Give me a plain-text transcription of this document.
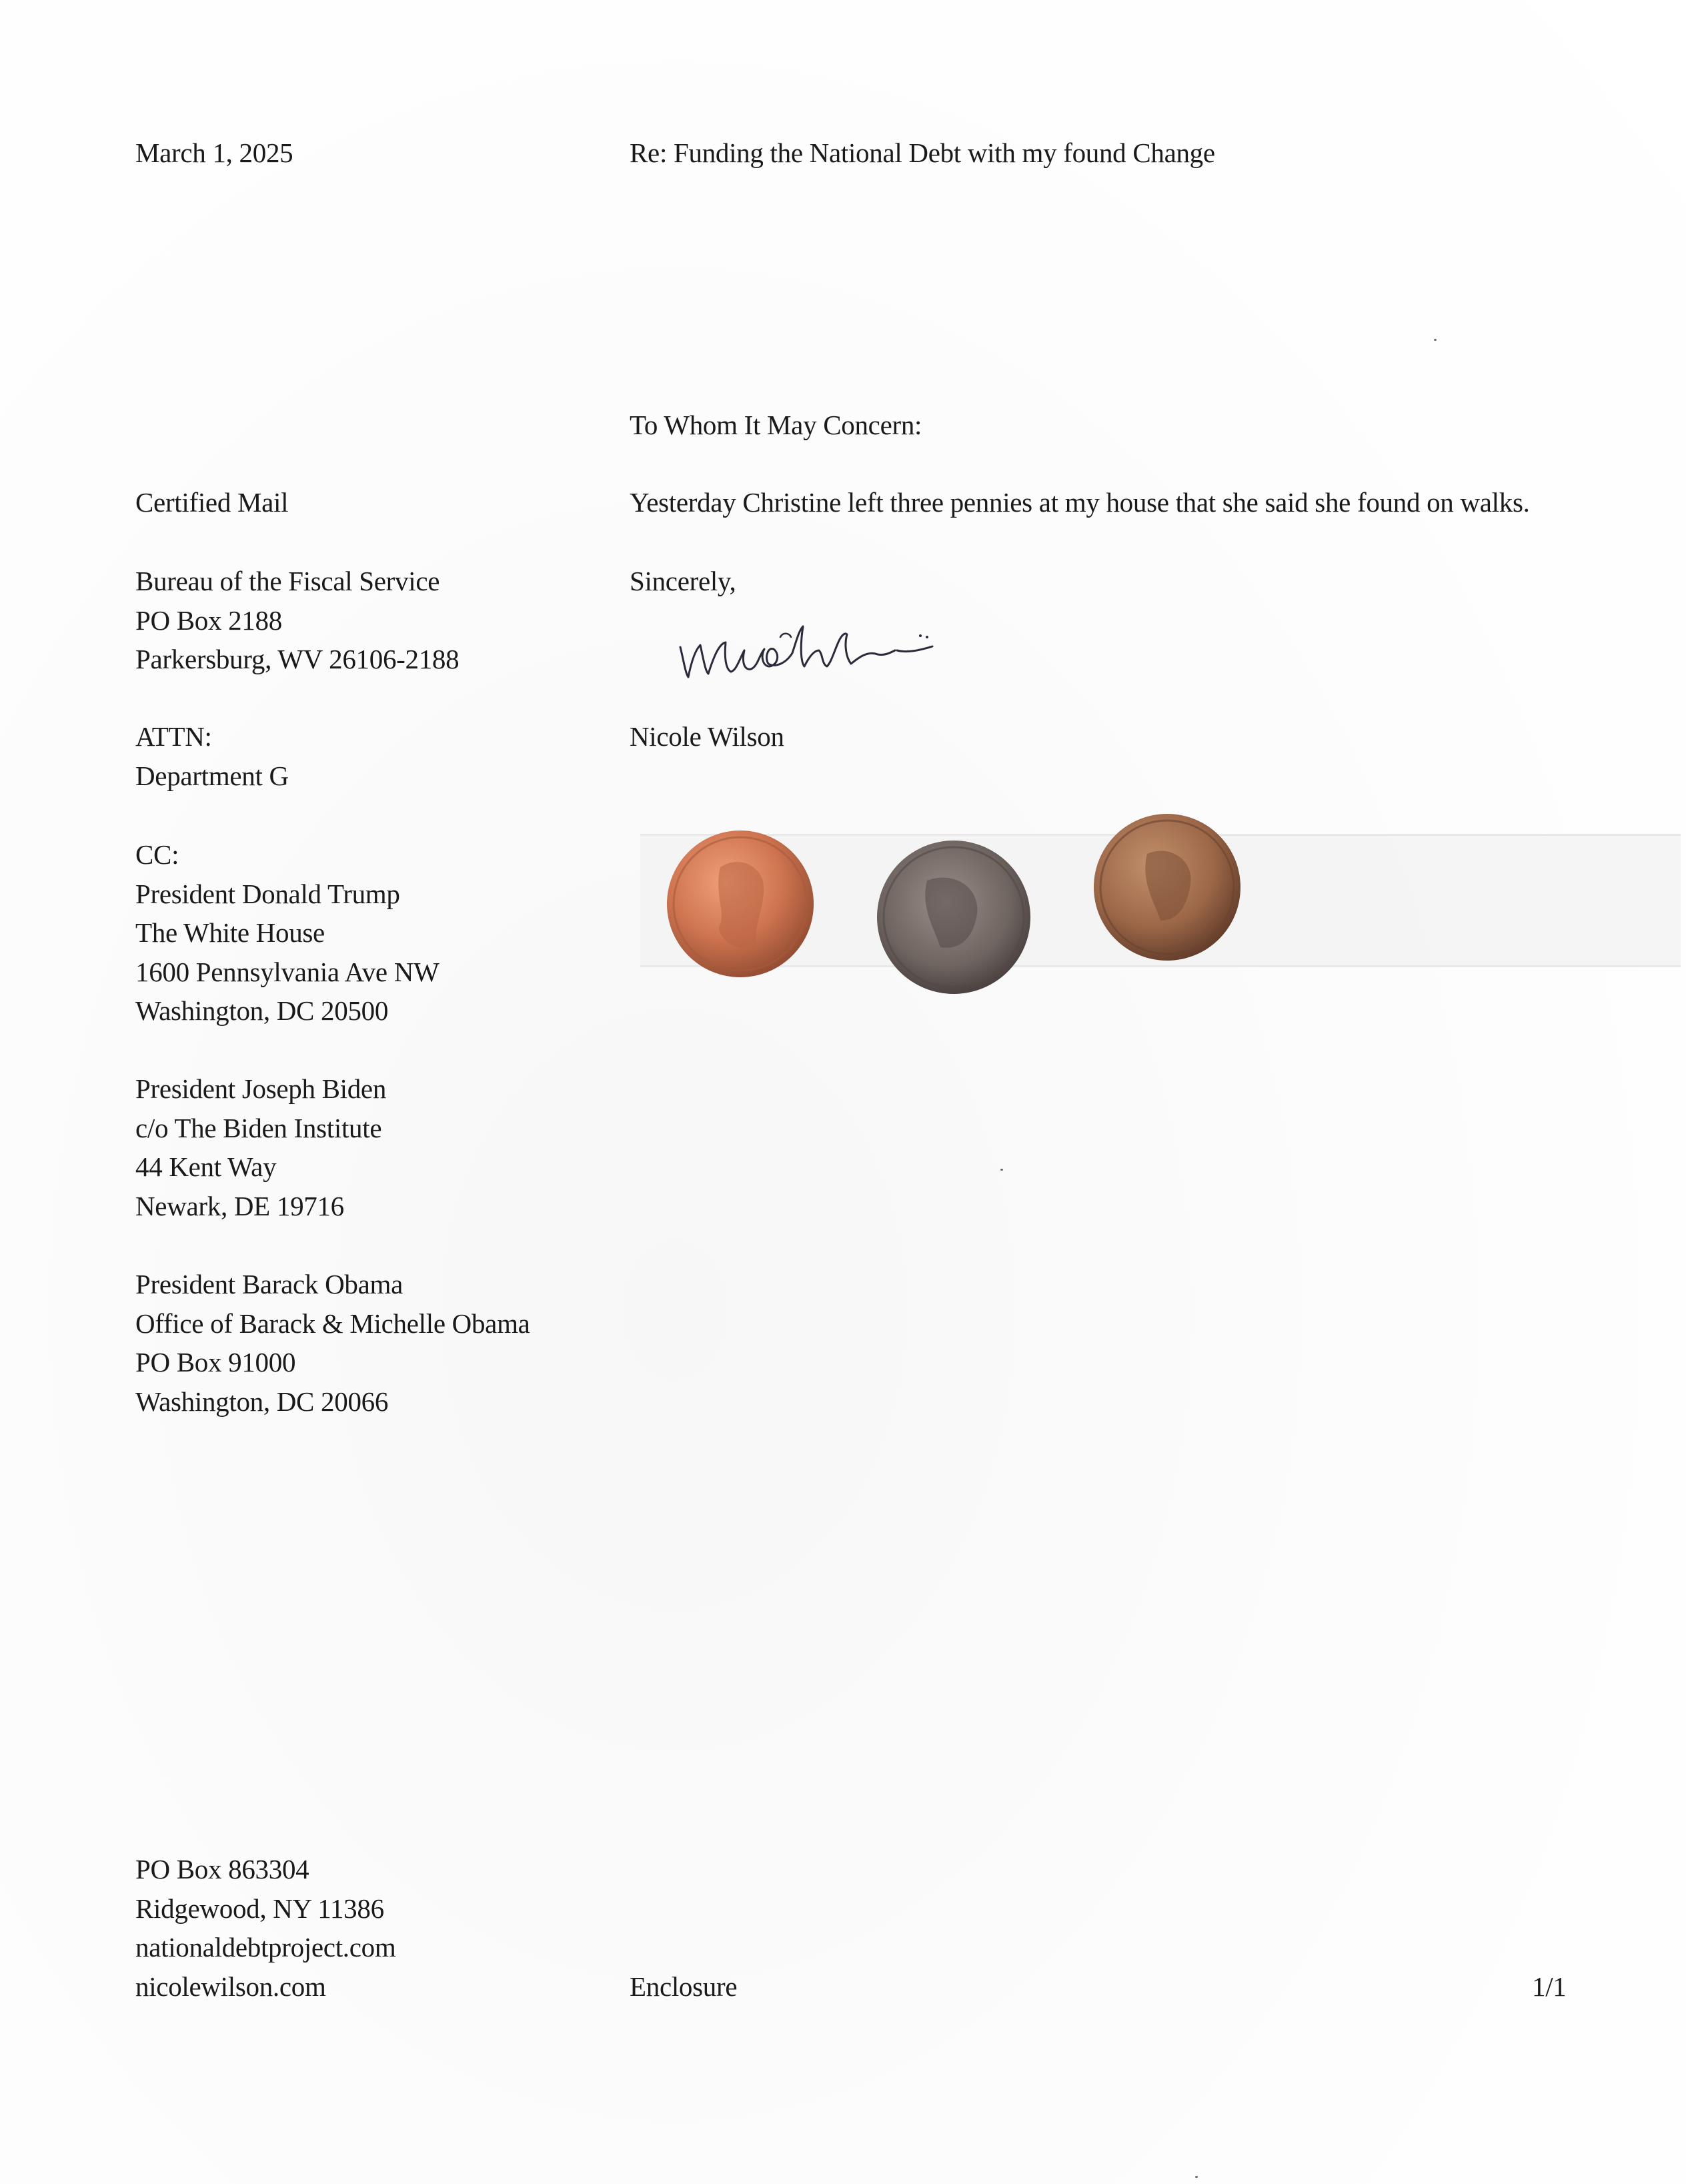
March 1, 2025	Re: Funding the National Debt with my found Change
To Whom It May Concern:
Certified Mail	Yesterday Christine left three pennies at my house that she said she found on walks.
Bureau of the Fiscal Service
PO Box 2188
Parkersburg, WV 26106-2188
Sincerely,
Nicole Wilson
ATTN:
Department G
CC:
President Donald Trump
The White House
1600 Pennsylvania Ave NW
Washington, DC 20500
President Joseph Biden
c/o The Biden Institute
44 Kent Way
Newark, DE 19716
President Barack Obama
Office of Barack & Michelle Obama
PO Box 91000
Washington, DC 20066
PO Box 863304
Ridgewood, NY 11386
nationaldebtproject.com
nicolewilson.com	Enclosure	1/1
